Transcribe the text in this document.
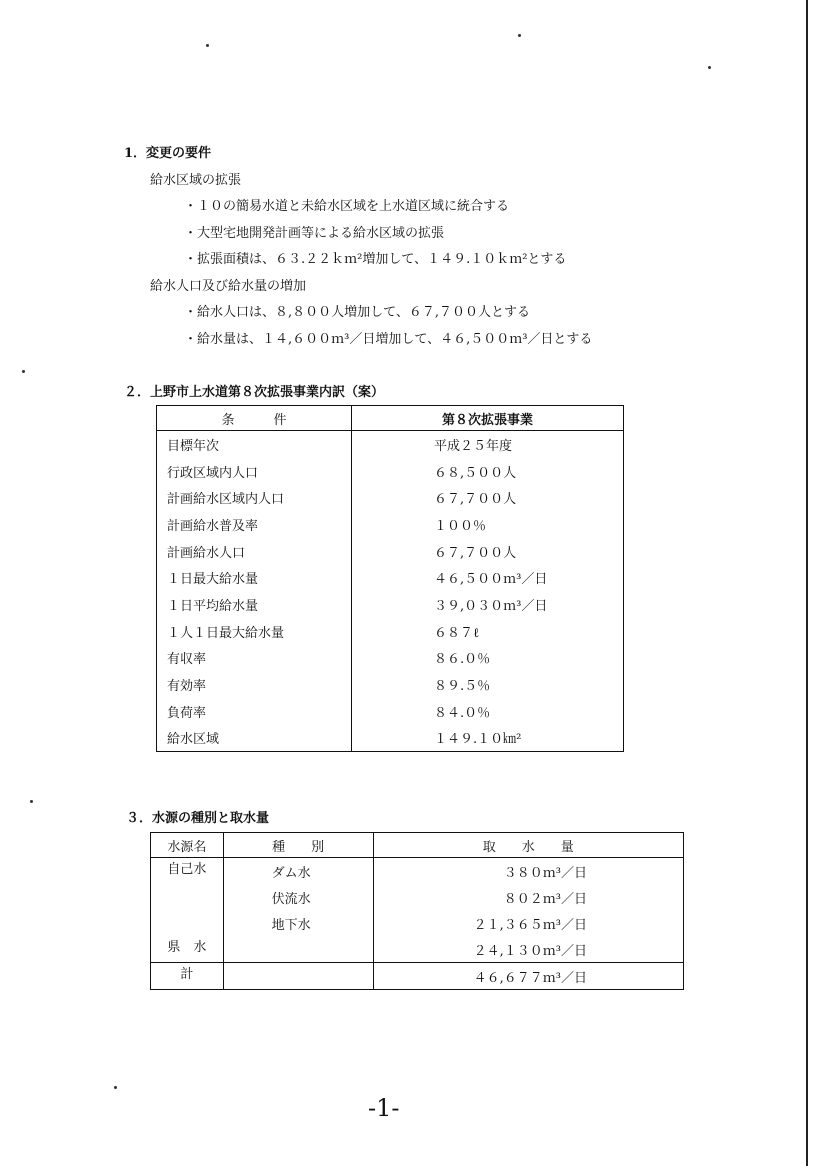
1．変更の要件
給水区域の拡張
・１０の簡易水道と未給水区域を上水道区域に統合する
・大型宅地開発計画等による給水区域の拡張
・拡張面積は、６３.２２ｋｍ²増加して、１４９.１０ｋｍ²とする
給水人口及び給水量の増加
・給水人口は、８,８００人増加して、６７,７００人とする
・給水量は、１４,６００ｍ³／日増加して、４６,５００ｍ³／日とする
２．上野市上水道第８次拡張事業内訳（案）
条　　　件	第８次拡張事業
目標年次	平成２５年度
行政区域内人口	６８,５００人
計画給水区域内人口	６７,７００人
計画給水普及率	１００％
計画給水人口	６７,７００人
１日最大給水量	４６,５００ｍ³／日
１日平均給水量	３９,０３０ｍ³／日
１人１日最大給水量	６８７ℓ
有収率	８６.０％
有効率	８９.５％
負荷率	８４.０％
給水区域	１４９.１０㎞²
３．水源の種別と取水量
水源名	種　　別	取　　水　　量
自己水	ダム水	３８０ｍ³／日
	伏流水	８０２ｍ³／日
	地下水	２１,３６５ｍ³／日
県　水		２４,１３０ｍ³／日
計		４６,６７７ｍ³／日
-1-
